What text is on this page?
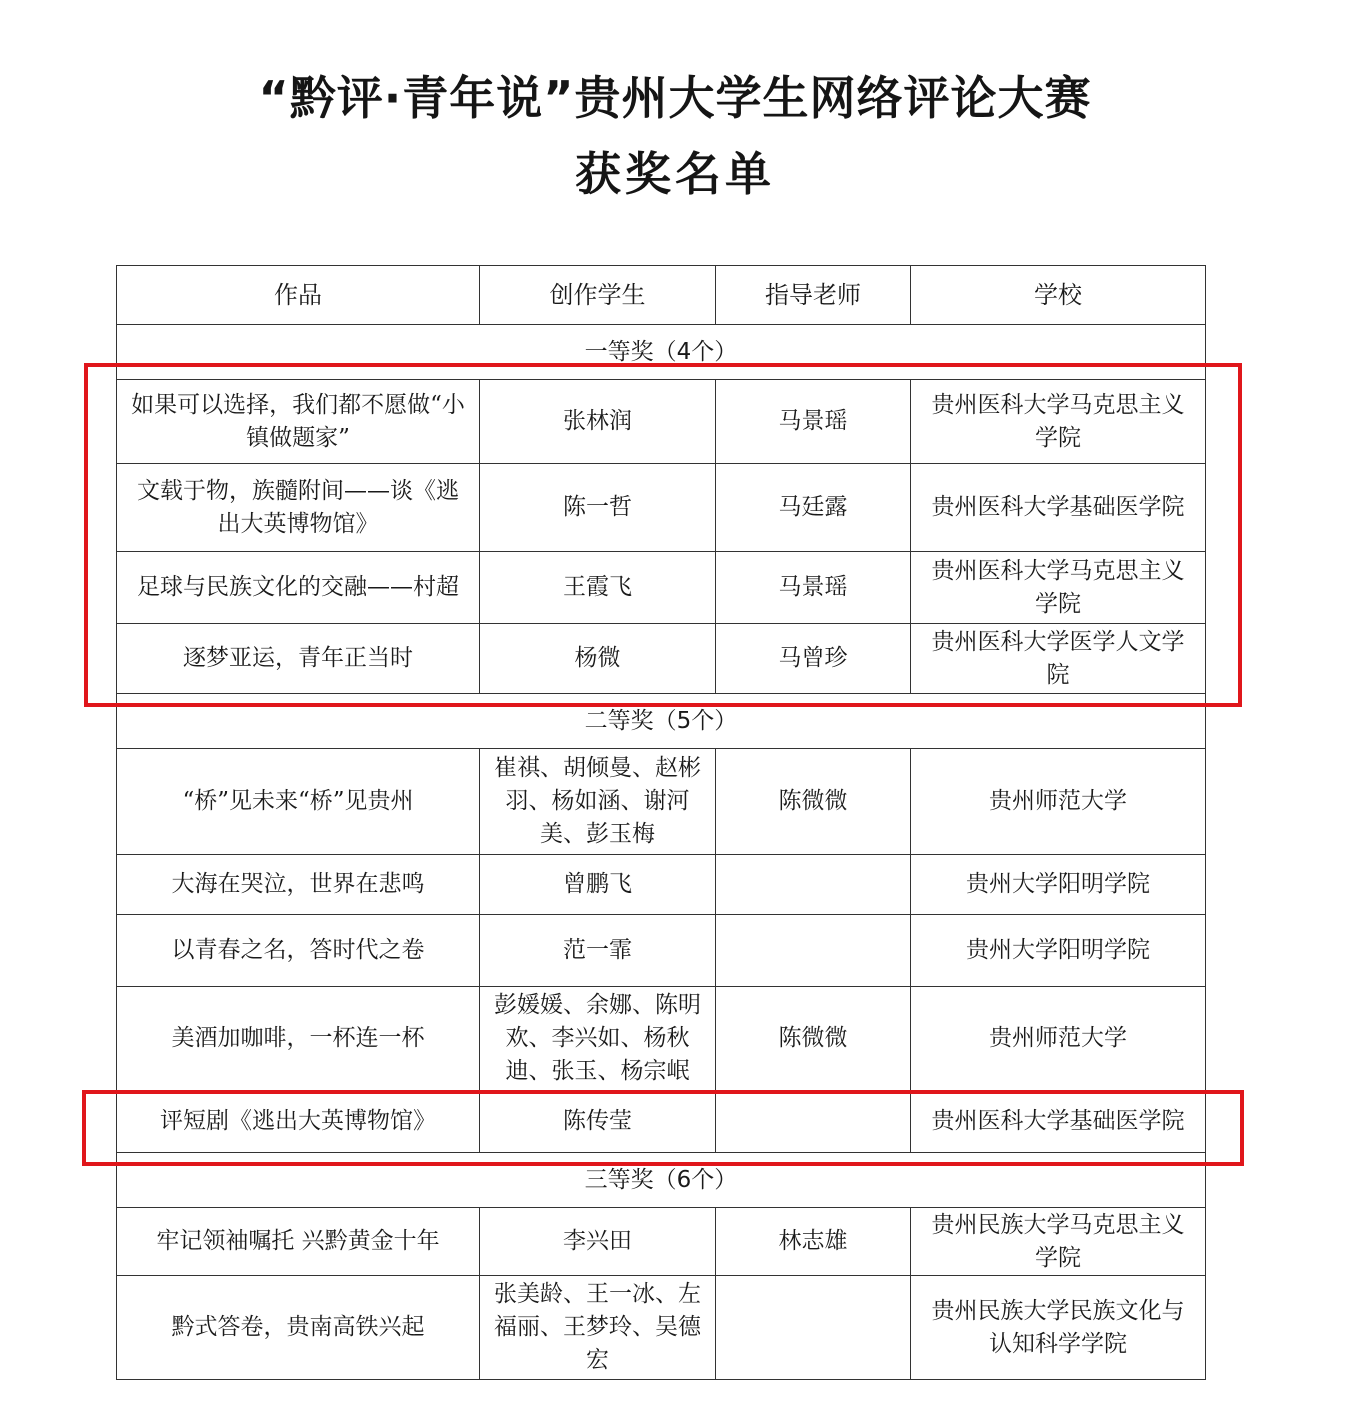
“黔评·青年说”贵州大学生网络评论大赛
获奖名单
作品	创作学生	指导老师	学校
一等奖（4个）			
如果可以选择，我们都不愿做“小镇做题家”	张林润	马景瑶	贵州医科大学马克思主义学院
文载于物，族髓附间——谈《逃出大英博物馆》	陈一哲	马廷露	贵州医科大学基础医学院
足球与民族文化的交融——村超	王霞飞	马景瑶	贵州医科大学马克思主义学院
逐梦亚运，青年正当时	杨微	马曾珍	贵州医科大学医学人文学院
二等奖（5个）			
“桥”见未来“桥”见贵州	崔祺、胡倾曼、赵彬羽、杨如涵、谢河美、彭玉梅	陈微微	贵州师范大学
大海在哭泣，世界在悲鸣	曾鹏飞		贵州大学阳明学院
以青春之名，答时代之卷	范一霏		贵州大学阳明学院
美酒加咖啡，一杯连一杯	彭媛媛、余娜、陈明欢、李兴如、杨秋迪、张玉、杨宗岷	陈微微	贵州师范大学
评短剧《逃出大英博物馆》	陈传莹		贵州医科大学基础医学院
三等奖（6个）			
牢记领袖嘱托 兴黔黄金十年	李兴田	林志雄	贵州民族大学马克思主义学院
黔式答卷，贵南高铁兴起	张美龄、王一冰、左福丽、王梦玲、吴德宏		贵州民族大学民族文化与认知科学学院
